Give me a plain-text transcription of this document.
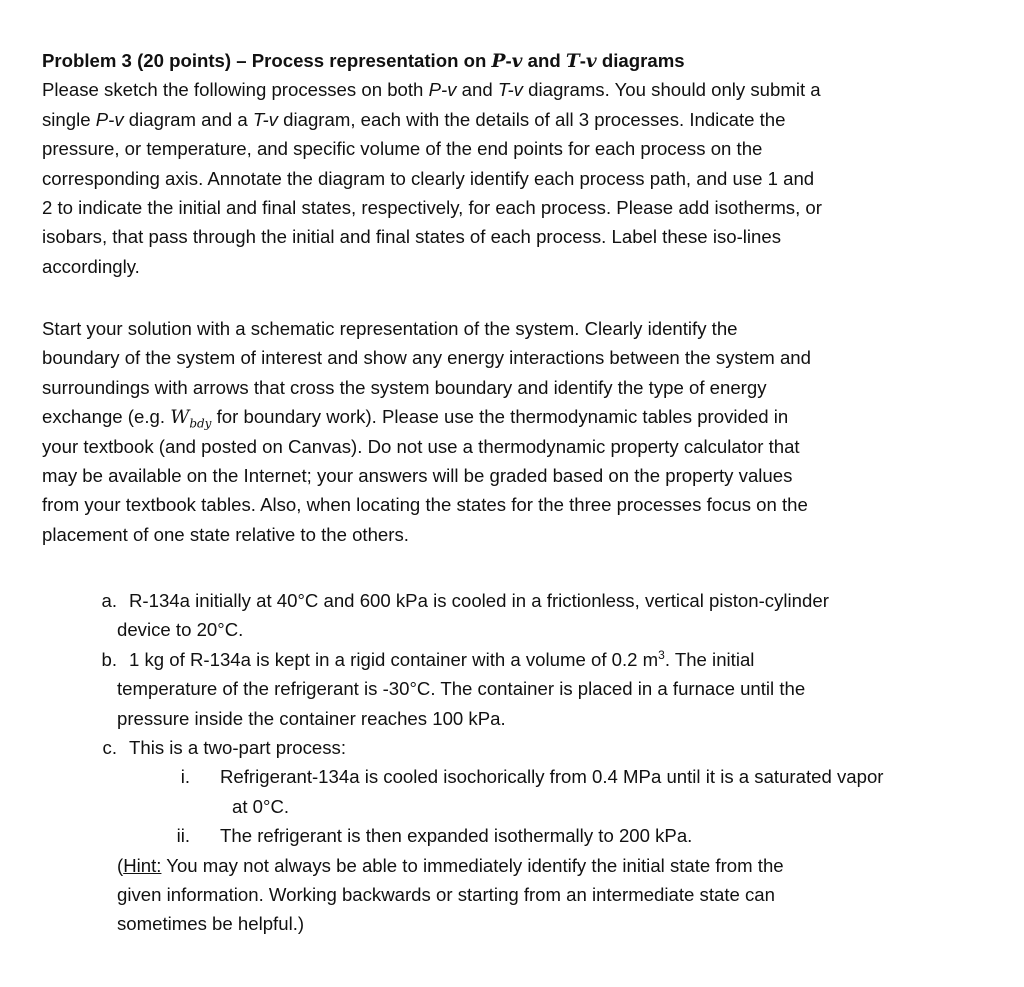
Problem 3 (20 points) – Process representation on P-v and T-v diagrams
Please sketch the following processes on both P-v and T-v diagrams. You should only submit a
single P-v diagram and a T-v diagram, each with the details of all 3 processes. Indicate the
pressure, or temperature, and specific volume of the end points for each process on the
corresponding axis. Annotate the diagram to clearly identify each process path, and use 1 and
2 to indicate the initial and final states, respectively, for each process. Please add isotherms, or
isobars, that pass through the initial and final states of each process. Label these iso-lines
accordingly.
Start your solution with a schematic representation of the system. Clearly identify the
boundary of the system of interest and show any energy interactions between the system and
surroundings with arrows that cross the system boundary and identify the type of energy
exchange (e.g. $W_{bdy}$ for boundary work). Please use the thermodynamic tables provided in
your textbook (and posted on Canvas). Do not use a thermodynamic property calculator that
may be available on the Internet; your answers will be graded based on the property values
from your textbook tables. Also, when locating the states for the three processes focus on the
placement of one state relative to the others.
a. R-134a initially at 40°C and 600 kPa is cooled in a frictionless, vertical piston-cylinder
device to 20°C.
b. 1 kg of R-134a is kept in a rigid container with a volume of 0.2 $m^3$. The initial
temperature of the refrigerant is -30°C. The container is placed in a furnace until the
pressure inside the container reaches 100 kPa.
c. This is a two-part process:
i. Refrigerant-134a is cooled isochorically from 0.4 MPa until it is a saturated vapor
at 0°C.
ii. The refrigerant is then expanded isothermally to 200 kPa.
(Hint: You may not always be able to immediately identify the initial state from the
given information. Working backwards or starting from an intermediate state can
sometimes be helpful.)
